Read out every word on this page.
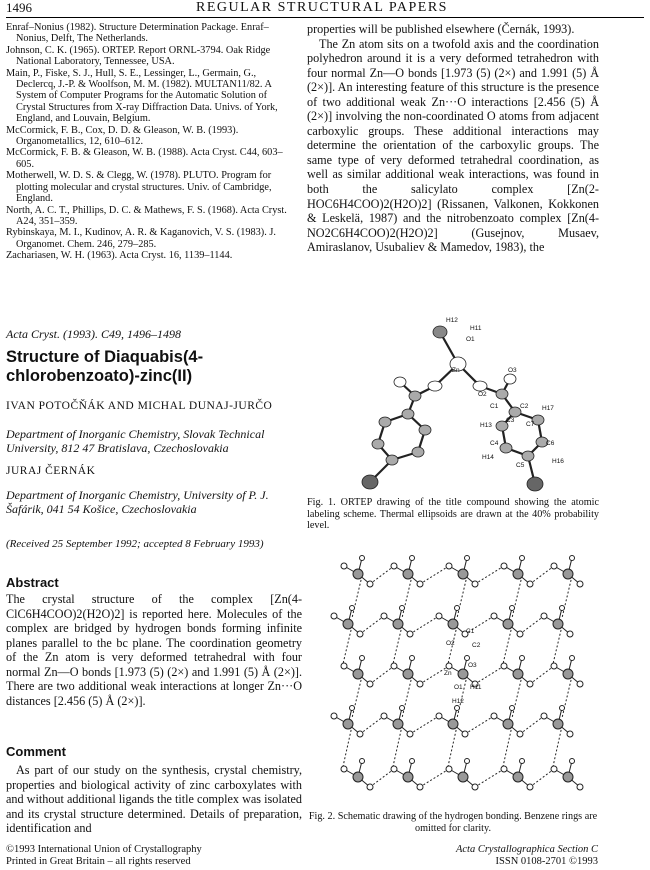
1496	REGULAR STRUCTURAL PAPERS

Enraf–Nonius (1982). Structure Determination Package. Enraf–Nonius, Delft, The Netherlands.

Johnson, C. K. (1965). ORTEP. Report ORNL-3794. Oak Ridge National Laboratory, Tennessee, USA.

Main, P., Fiske, S. J., Hull, S. E., Lessinger, L., Germain, G., Declercq, J.-P. & Woolfson, M. M. (1982). MULTAN11/82. A System of Computer Programs for the Automatic Solution of Crystal Structures from X-ray Diffraction Data. Univs. of York, England, and Louvain, Belgium.

McCormick, F. B., Cox, D. D. & Gleason, W. B. (1993). Organometallics, 12, 610–612.

McCormick, F. B. & Gleason, W. B. (1988). Acta Cryst. C44, 603–605.

Motherwell, W. D. S. & Clegg, W. (1978). PLUTO. Program for plotting molecular and crystal structures. Univ. of Cambridge, England.

North, A. C. T., Phillips, D. C. & Mathews, F. S. (1968). Acta Cryst. A24, 351–359.

Rybinskaya, M. I., Kudinov, A. R. & Kaganovich, V. S. (1983). J. Organomet. Chem. 246, 279–285.

Zachariasen, W. H. (1963). Acta Cryst. 16, 1139–1144.

properties will be published elsewhere (Černák, 1993).

The Zn atom sits on a twofold axis and the coordination polyhedron around it is a very deformed tetrahedron with four normal Zn—O bonds [1.973 (5) (2×) and 1.991 (5) Å (2×)]. An interesting feature of this structure is the presence of two additional weak Zn···O interactions [2.456 (5) Å (2×)] involving the non-coordinated O atoms from adjacent carboxylic groups. These additional interactions may determine the orientation of the carboxylic groups. The same type of very deformed tetrahedral coordination, as well as similar additional weak interactions, was found in both the salicylato complex [Zn(2-HOC6H4COO)2(H2O)2] (Rissanen, Valkonen, Kokkonen & Leskelä, 1987) and the nitrobenzoato complex [Zn(4-NO2C6H4COO)2(H2O)2] (Gusejnov, Musaev, Amiraslanov, Usubaliev & Mamedov, 1983), the

Acta Cryst. (1993). C49, 1496–1498
Structure of Diaquabis(4-chlorobenzoato)-zinc(II)
IVAN POTOČŇÁK AND MICHAL DUNAJ-JURČO
Department of Inorganic Chemistry, Slovak Technical University, 812 47 Bratislava, Czechoslovakia
JURAJ ČERNÁK
Department of Inorganic Chemistry, University of P. J. Šafárik, 041 54 Košice, Czechoslovakia
(Received 25 September 1992; accepted 8 February 1993)
Abstract
The crystal structure of the complex [Zn(4-ClC6H4COO)2(H2O)2] is reported here. Molecules of the complex are bridged by hydrogen bonds forming infinite planes parallel to the bc plane. The coordination geometry of the Zn atom is very deformed tetrahedral with four normal Zn—O bonds [1.973 (5) (2×) and 1.991 (5) Å (2×)]. There are two additional weak interactions at longer Zn···O distances [2.456 (5) Å (2×)].
Comment
As part of our study on the synthesis, crystal chemistry, properties and biological activity of zinc carboxylates with and without additional ligands the title complex was isolated and its crystal structure determined. Details of preparation, identification and
H12
H11
O1
Zn
O2
O3
C1	H17
H13
C3
C7
C2
C4	C6
H14
C5
H16
Fig. 1. ORTEP drawing of the title compound showing the atomic labeling scheme. Thermal ellipsoids are drawn at the 40% probability level.
O2
C1
C2
O3
Zn
O1 H11
H12
Fig. 2. Schematic drawing of the hydrogen bonding. Benzene rings are omitted for clarity.
©1993 International Union of Crystallography
Printed in Great Britain – all rights reserved
Acta Crystallographica Section C
ISSN 0108-2701 ©1993
